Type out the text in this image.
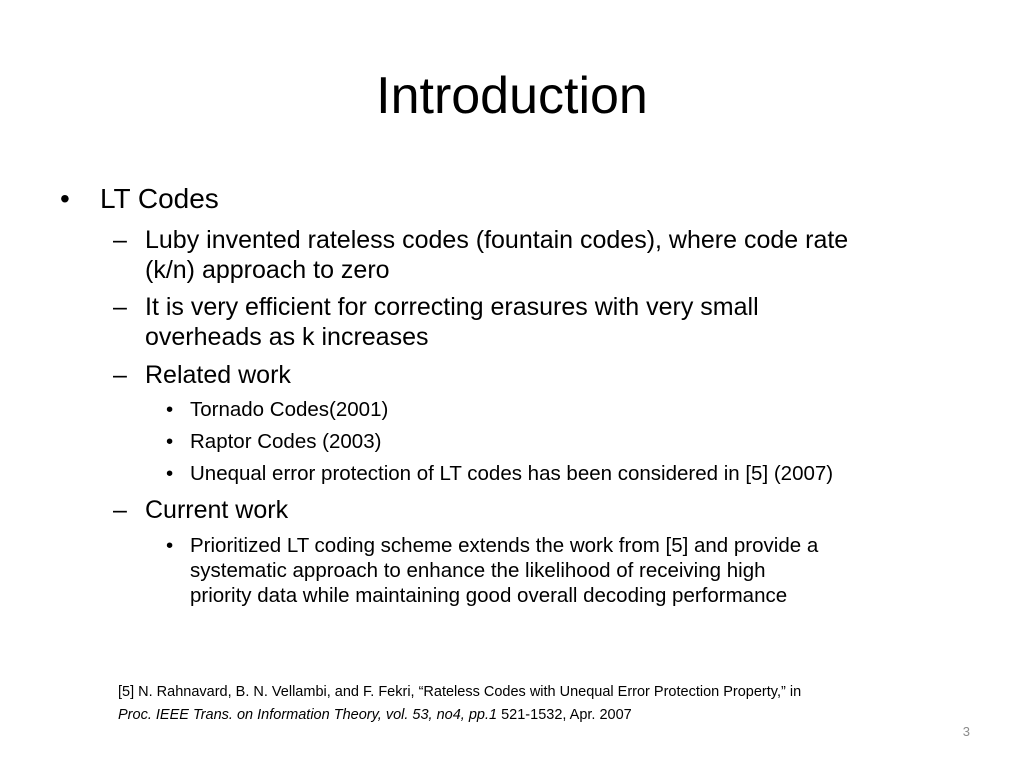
Introduction
• LT Codes

– Luby invented rateless codes (fountain codes), where code rate

(k/n) approach to zero

– It is very efficient for correcting erasures with very small

overheads as k increases

– Related work

• Tornado Codes(2001)

• Raptor Codes (2003)

• Unequal error protection of LT codes has been considered in [5] (2007)

– Current work

• Prioritized LT coding scheme extends the work from [5] and provide a

systematic approach to enhance the likelihood of receiving high

priority data while maintaining good overall decoding performance

[5] N. Rahnavard, B. N. Vellambi, and F. Fekri, “Rateless Codes with Unequal Error Protection Property,” in
Proc. IEEE Trans. on Information Theory, vol. 53, no4, pp.1 521-1532, Apr. 2007
3
